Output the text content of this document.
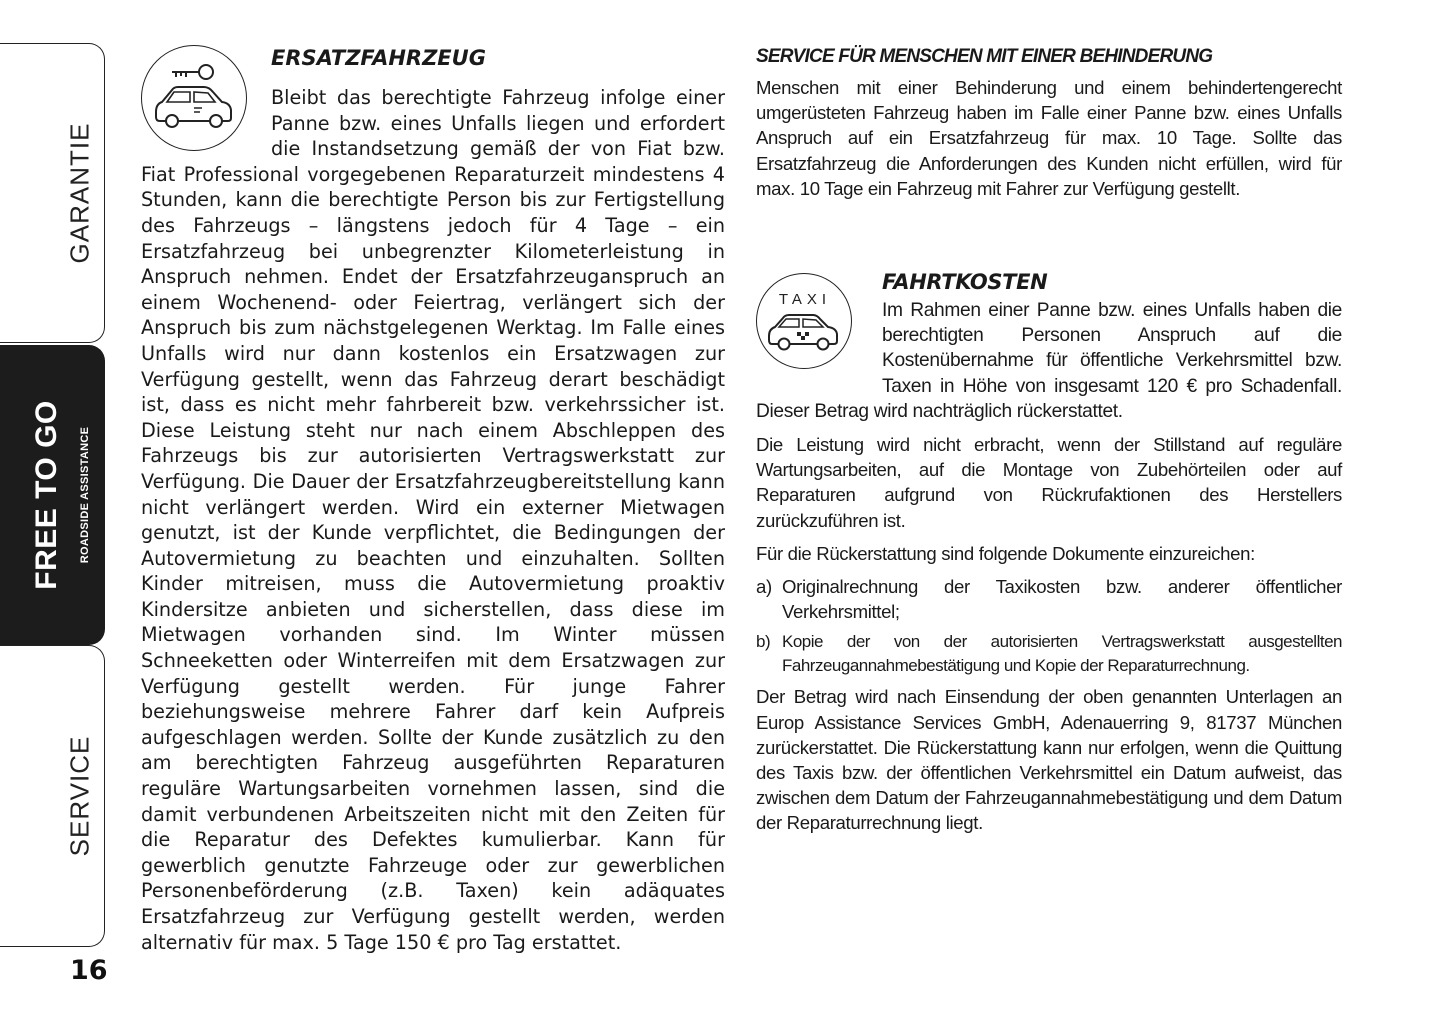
GARANTIE
FREE TO GO ROADSIDE ASSISTANCE
SERVICE
16
ERSATZFAHRZEUG

Bleibt das berechtigte Fahrzeug infolge einer Panne bzw. eines Unfalls liegen und erfordert die Instandsetzung gemäß der von Fiat bzw. Fiat Professional vorgegebenen Reparaturzeit mindestens 4 Stunden, kann die berechtigte Person bis zur Fertigstellung des Fahrzeugs – längstens jedoch für 4 Tage – ein Ersatzfahrzeug bei unbegrenzter Kilometerleistung in Anspruch nehmen. Endet der Ersatzfahrzeuganspruch an einem Wochenend- oder Feiertrag, verlängert sich der Anspruch bis zum nächstgelegenen Werktag. Im Falle eines Unfalls wird nur dann kostenlos ein Ersatzwagen zur Verfügung gestellt, wenn das Fahrzeug derart beschädigt ist, dass es nicht mehr fahrbereit bzw. verkehrssicher ist. Diese Leistung steht nur nach einem Abschleppen des Fahrzeugs bis zur autorisierten Vertragswerkstatt zur Verfügung. Die Dauer der Ersatzfahrzeugbereitstellung kann nicht verlängert werden. Wird ein externer Mietwagen genutzt, ist der Kunde verpflichtet, die Bedingungen der Autovermietung zu beachten und einzuhalten. Sollten Kinder mitreisen, muss die Autovermietung proaktiv Kindersitze anbieten und sicherstellen, dass diese im Mietwagen vorhanden sind. Im Winter müssen Schneeketten oder Winterreifen mit dem Ersatzwagen zur Verfügung gestellt werden. Für junge Fahrer beziehungsweise mehrere Fahrer darf kein Aufpreis aufgeschlagen werden. Sollte der Kunde zusätzlich zu den am berechtigten Fahrzeug ausgeführten Reparaturen reguläre Wartungsarbeiten vornehmen lassen, sind die damit verbundenen Arbeitszeiten nicht mit den Zeiten für die Reparatur des Defektes kumulierbar. Kann für gewerblich genutzte Fahrzeuge oder zur gewerblichen Personenbeförderung (z.B. Taxen) kein adäquates Ersatzfahrzeug zur Verfügung gestellt werden, werden alternativ für max. 5 Tage 150 € pro Tag erstattet.

SERVICE FÜR MENSCHEN MIT EINER BEHINDERUNG

Menschen mit einer Behinderung und einem behindertengerecht umgerüsteten Fahrzeug haben im Falle einer Panne bzw. eines Unfalls Anspruch auf ein Ersatzfahrzeug für max. 10 Tage. Sollte das Ersatzfahrzeug die Anforderungen des Kunden nicht erfüllen, wird für max. 10 Tage ein Fahrzeug mit Fahrer zur Verfügung gestellt.

TAXI
FAHRTKOSTEN

Im Rahmen einer Panne bzw. eines Unfalls haben die berechtigten Personen Anspruch auf die Kostenübernahme für öffentliche Verkehrsmittel bzw. Taxen in Höhe von insgesamt 120 € pro Schadenfall. Dieser Betrag wird nachträglich rückerstattet.

Die Leistung wird nicht erbracht, wenn der Stillstand auf reguläre Wartungsarbeiten, auf die Montage von Zubehörteilen oder auf Reparaturen aufgrund von Rückrufaktionen des Herstellers zurückzuführen ist.

Für die Rückerstattung sind folgende Dokumente einzureichen:

a) Originalrechnung der Taxikosten bzw. anderer öffentlicher Verkehrsmittel;
b) Kopie der von der autorisierten Vertragswerkstatt ausgestellten Fahrzeugannahmebestätigung und Kopie der Reparaturrechnung.

Der Betrag wird nach Einsendung der oben genannten Unterlagen an Europ Assistance Services GmbH, Adenauerring 9, 81737 München zurückerstattet. Die Rückerstattung kann nur erfolgen, wenn die Quittung des Taxis bzw. der öffentlichen Verkehrsmittel ein Datum aufweist, das zwischen dem Datum der Fahrzeugannahmebestätigung und dem Datum der Reparaturrechnung liegt.
